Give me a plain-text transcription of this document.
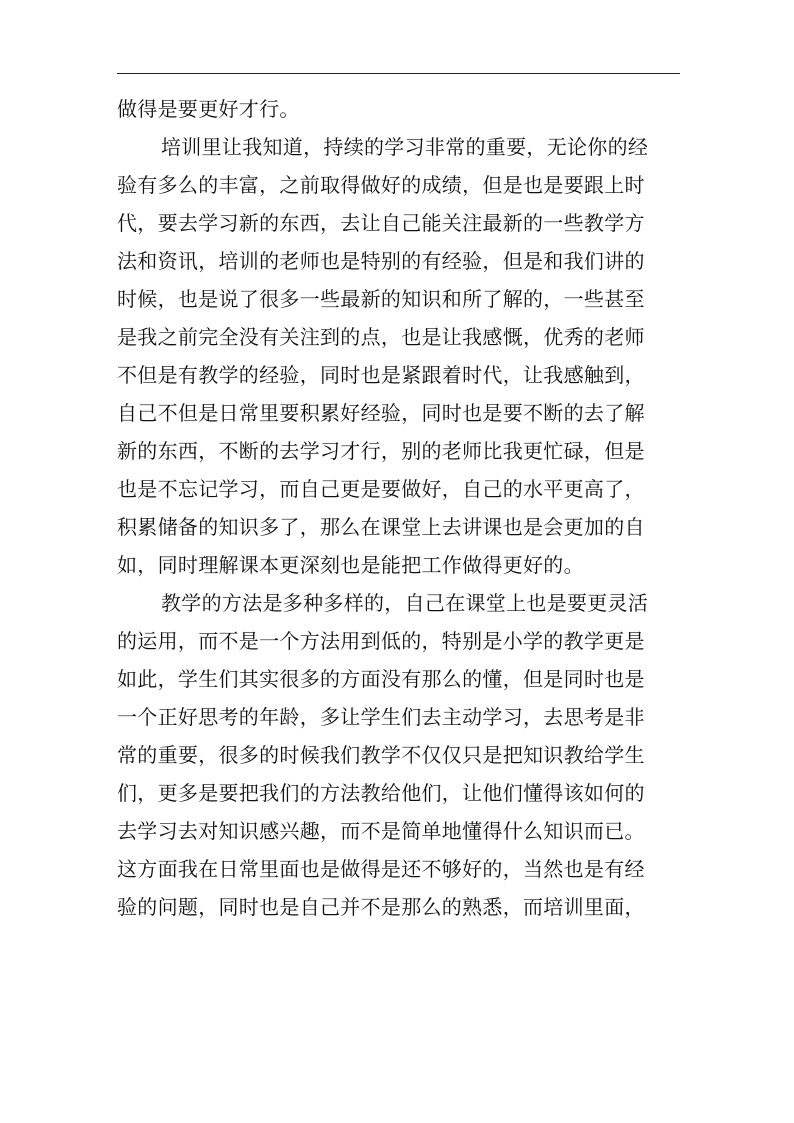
做得是要更好才行。
培训里让我知道，持续的学习非常的重要，无论你的经
验有多么的丰富，之前取得做好的成绩，但是也是要跟上时
代，要去学习新的东西，去让自己能关注最新的一些教学方
法和资讯，培训的老师也是特别的有经验，但是和我们讲的
时候，也是说了很多一些最新的知识和所了解的，一些甚至
是我之前完全没有关注到的点，也是让我感慨，优秀的老师
不但是有教学的经验，同时也是紧跟着时代，让我感触到，
自己不但是日常里要积累好经验，同时也是要不断的去了解
新的东西，不断的去学习才行，别的老师比我更忙碌，但是
也是不忘记学习，而自己更是要做好，自己的水平更高了，
积累储备的知识多了，那么在课堂上去讲课也是会更加的自
如，同时理解课本更深刻也是能把工作做得更好的。
教学的方法是多种多样的，自己在课堂上也是要更灵活
的运用，而不是一个方法用到低的，特别是小学的教学更是
如此，学生们其实很多的方面没有那么的懂，但是同时也是
一个正好思考的年龄，多让学生们去主动学习，去思考是非
常的重要，很多的时候我们教学不仅仅只是把知识教给学生
们，更多是要把我们的方法教给他们，让他们懂得该如何的
去学习去对知识感兴趣，而不是简单地懂得什么知识而已。
这方面我在日常里面也是做得是还不够好的，当然也是有经
验的问题，同时也是自己并不是那么的熟悉，而培训里面，
